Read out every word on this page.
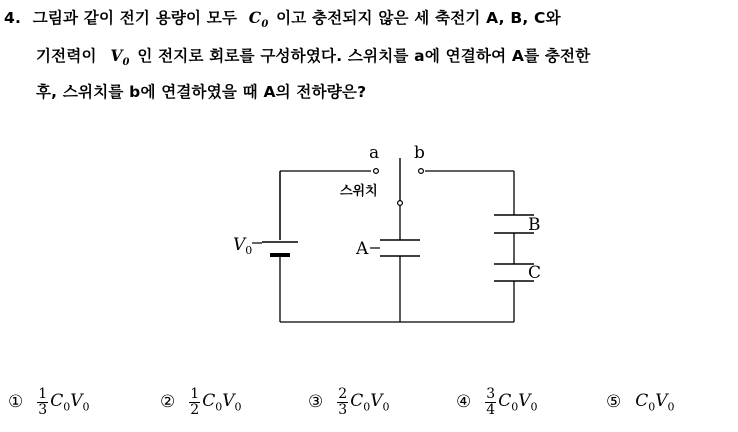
4. 그림과 같이 전기 용량이 모두 $C_0$ 이고 충전되지 않은 세 축전기 A, B, C와
기전력이 $V_0$ 인 전지로 회로를 구성하였다. 스위치를 a에 연결하여 A를 충전한
후, 스위치를 b에 연결하였을 때 A의 전하량은?
a b
스위치
$V_0$	A
B
C
① $\frac{1}{3} C_0V_0$	② $\frac{1}{2} C_0V_0$	③ $\frac{2}{3} C_0V_0$	④ $\frac{3}{4} C_0V_0$	⑤ $C_0V_0$
